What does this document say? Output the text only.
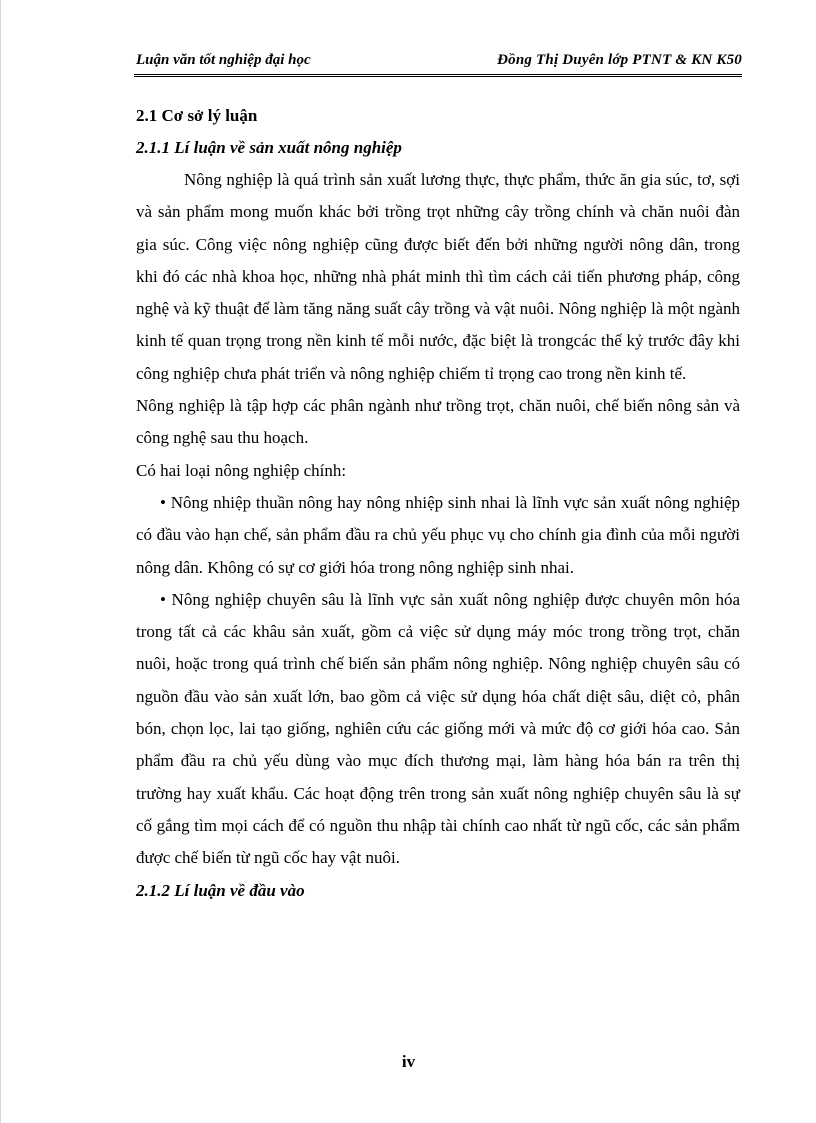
Luận văn tốt nghiệp đại học	Đồng Thị Duyên lớp PTNT & KN K50

2.1 Cơ sở lý luận

2.1.1 Lí luận về sản xuất nông nghiệp

Nông nghiệp là quá trình sản xuất lương thực, thực phẩm, thức ăn gia súc, tơ, sợi và sản phẩm mong muốn khác bởi trồng trọt những cây trồng chính và chăn nuôi đàn gia súc. Công việc nông nghiệp cũng được biết đến bởi những người nông dân, trong khi đó các nhà khoa học, những nhà phát minh thì tìm cách cải tiến phương pháp, công nghệ và kỹ thuật để làm tăng năng suất cây trồng và vật nuôi. Nông nghiệp là một ngành kinh tế quan trọng trong nền kinh tế mỗi nước, đặc biệt là trongcác thế kỷ trước đây khi công nghiệp chưa phát triển và nông nghiệp chiếm tỉ trọng cao trong nền kinh tế.

Nông nghiệp là tập hợp các phân ngành như trồng trọt, chăn nuôi, chế biến nông sản và công nghệ sau thu hoạch.

Có hai loại nông nghiệp chính:

• Nông nhiệp thuần nông hay nông nhiệp sinh nhai là lĩnh vực sản xuất nông nghiệp có đầu vào hạn chế, sản phẩm đầu ra chủ yếu phục vụ cho chính gia đình của mỗi người nông dân. Không có sự cơ giới hóa trong nông nghiệp sinh nhai.

• Nông nghiệp chuyên sâu là lĩnh vực sản xuất nông nghiệp được chuyên môn hóa trong tất cả các khâu sản xuất, gồm cả việc sử dụng máy móc trong trồng trọt, chăn nuôi, hoặc trong quá trình chế biến sản phẩm nông nghiệp. Nông nghiệp chuyên sâu có nguồn đầu vào sản xuất lớn, bao gồm cả việc sử dụng hóa chất diệt sâu, diệt cỏ, phân bón, chọn lọc, lai tạo giống, nghiên cứu các giống mới và mức độ cơ giới hóa cao. Sản phẩm đầu ra chủ yếu dùng vào mục đích thương mại, làm hàng hóa bán ra trên thị trường hay xuất khẩu. Các hoạt động trên trong sản xuất nông nghiệp chuyên sâu là sự cố gắng tìm mọi cách để có nguồn thu nhập tài chính cao nhất từ ngũ cốc, các sản phẩm được chế biến từ ngũ cốc hay vật nuôi.

2.1.2 Lí luận về đầu vào

iv
